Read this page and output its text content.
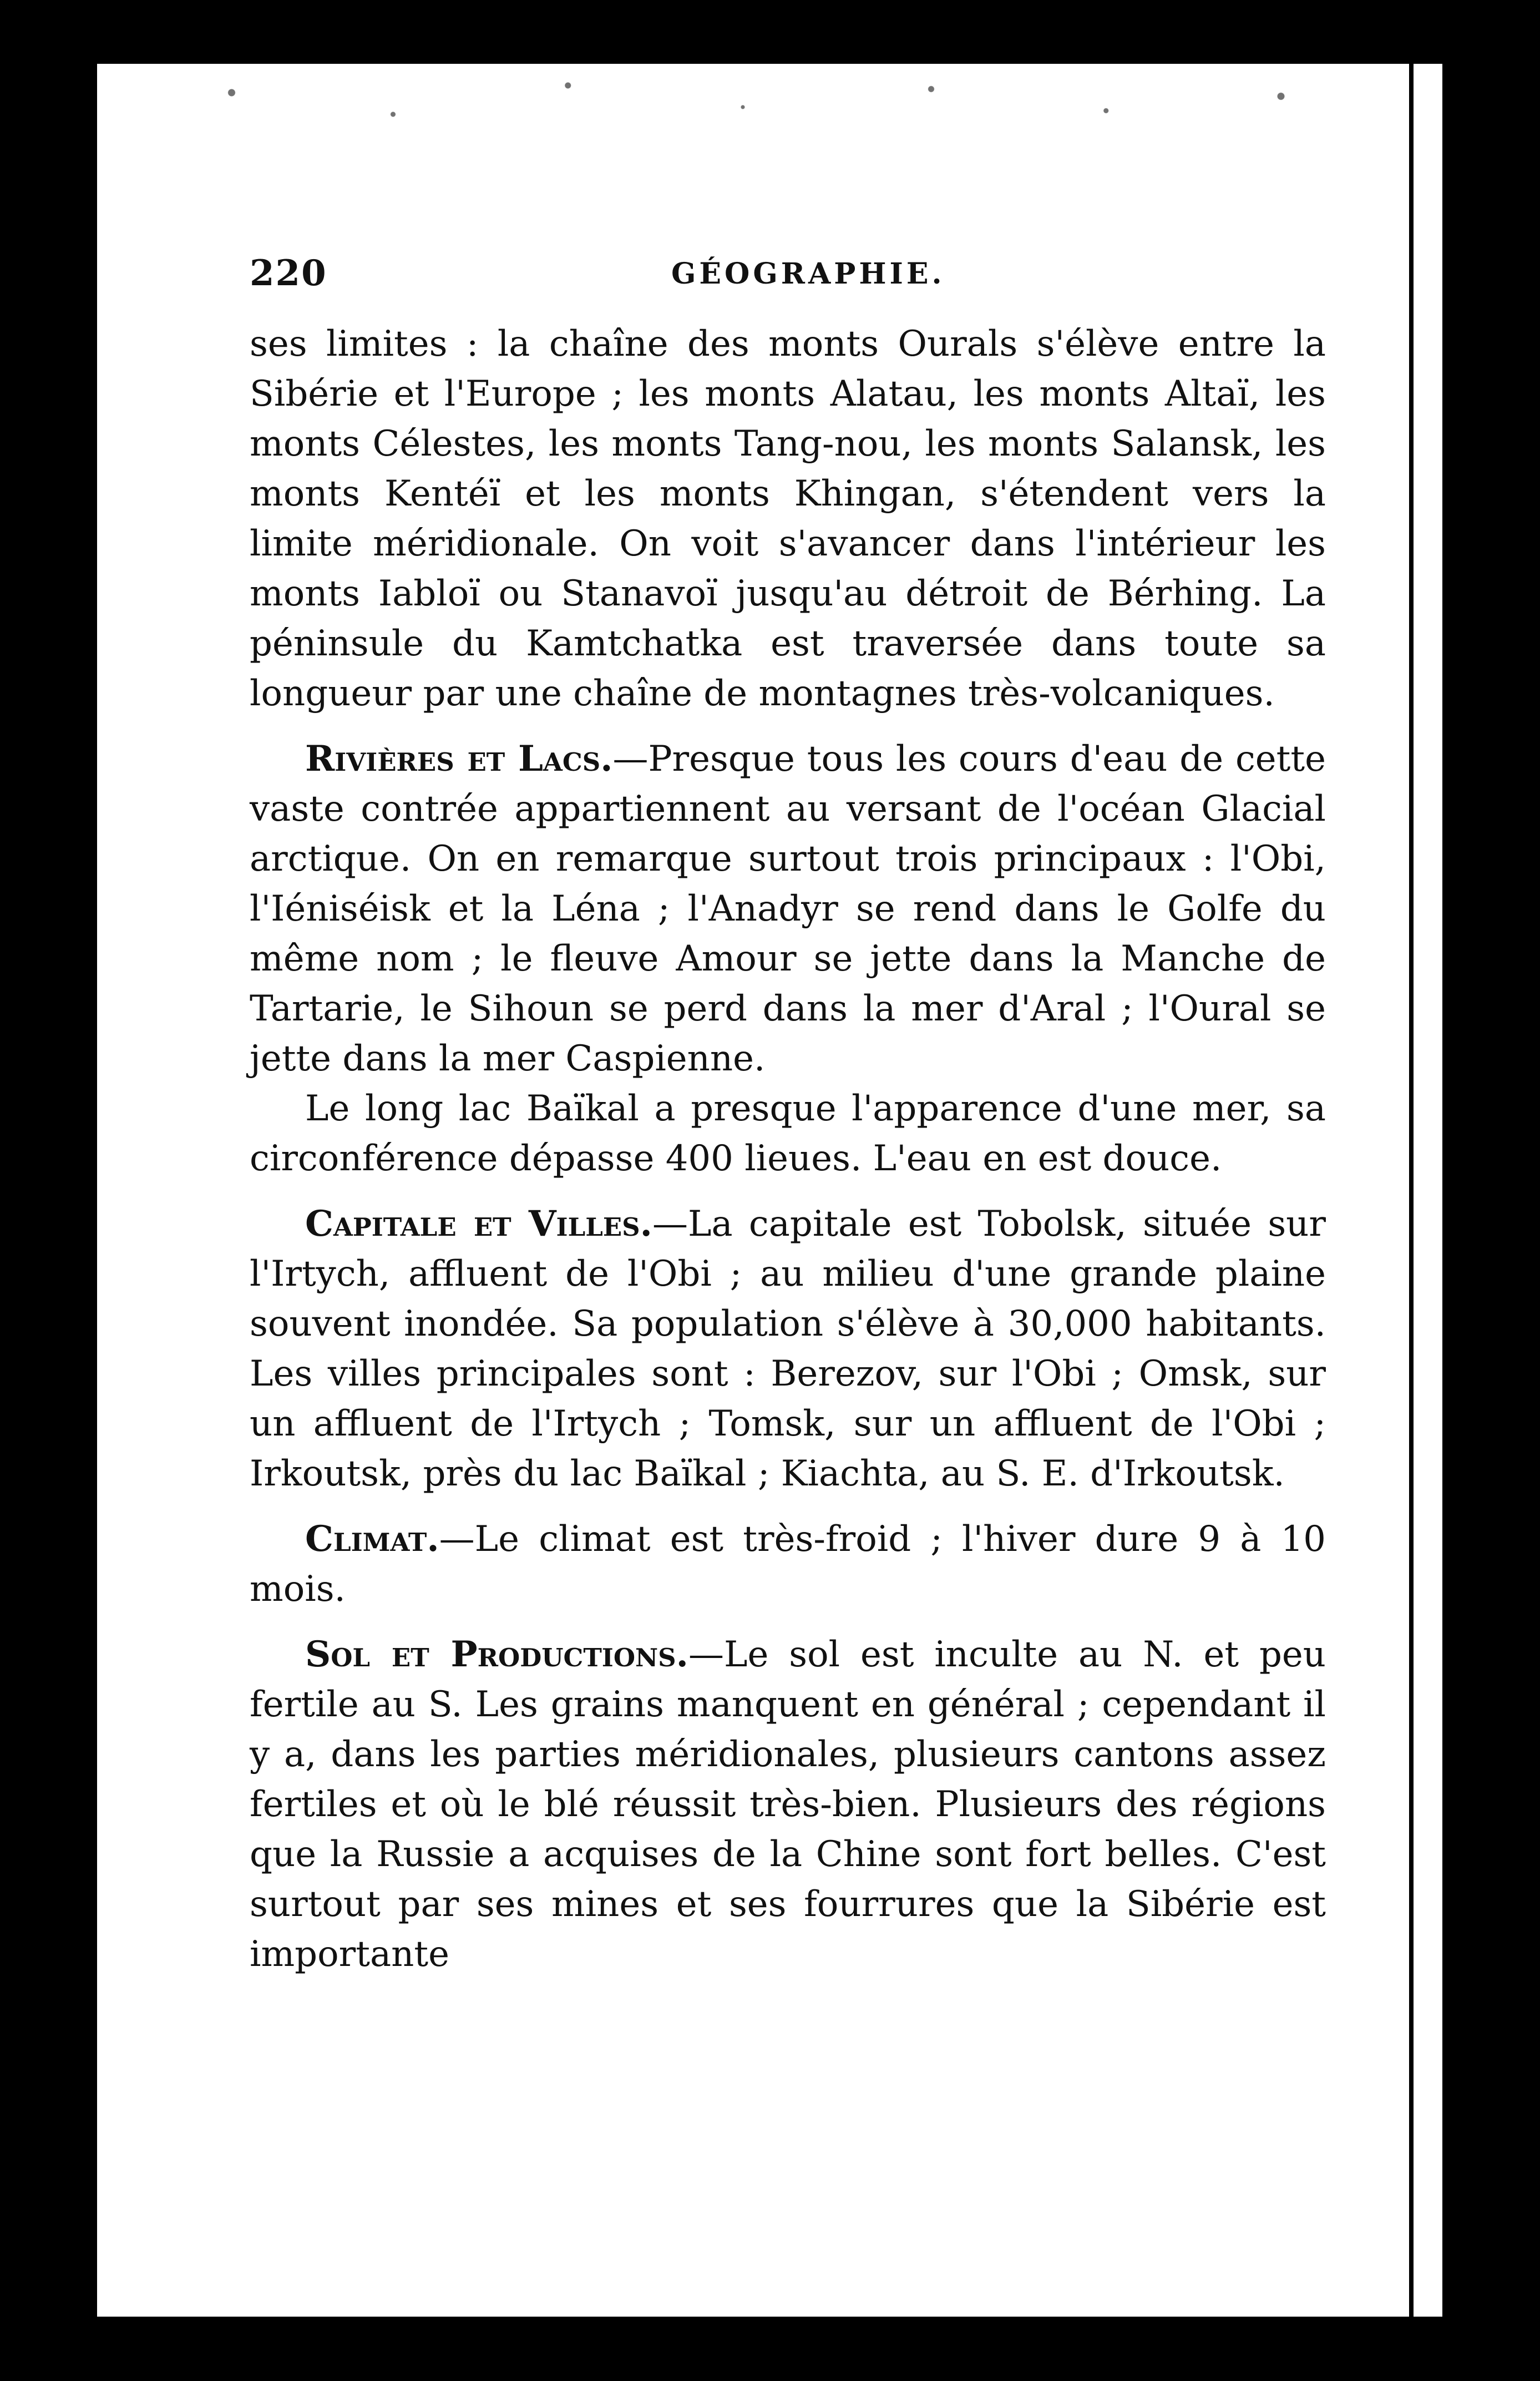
220	GÉOGRAPHIE.

ses limites : la chaîne des monts Ourals s'élève entre la Sibérie et l'Europe ; les monts Alatau, les monts Altaï, les monts Célestes, les monts Tang-nou, les monts Salansk, les monts Kentéï et les monts Khingan, s'étendent vers la limite méridionale. On voit s'avancer dans l'intérieur les monts Iabloï ou Stanavoï jusqu'au détroit de Bérhing. La péninsule du Kamtchatka est traversée dans toute sa longueur par une chaîne de montagnes très-volcaniques.

Rivières et Lacs.—Presque tous les cours d'eau de cette vaste contrée appartiennent au versant de l'océan Glacial arctique. On en remarque surtout trois principaux : l'Obi, l'Iéniséisk et la Léna ; l'Anadyr se rend dans le Golfe du même nom ; le fleuve Amour se jette dans la Manche de Tartarie, le Sihoun se perd dans la mer d'Aral ; l'Oural se jette dans la mer Caspienne.

Le long lac Baïkal a presque l'apparence d'une mer, sa circonférence dépasse 400 lieues. L'eau en est douce.

Capitale et Villes.—La capitale est Tobolsk, située sur l'Irtych, affluent de l'Obi ; au milieu d'une grande plaine souvent inondée. Sa population s'élève à 30,000 habitants. Les villes principales sont : Berezov, sur l'Obi ; Omsk, sur un affluent de l'Irtych ; Tomsk, sur un affluent de l'Obi ; Irkoutsk, près du lac Baïkal ; Kiachta, au S. E. d'Irkoutsk.

Climat.—Le climat est très-froid ; l'hiver dure 9 à 10 mois.

Sol et Productions.—Le sol est inculte au N. et peu fertile au S. Les grains manquent en général ; cependant il y a, dans les parties méridionales, plusieurs cantons assez fertiles et où le blé réussit très-bien. Plusieurs des régions que la Russie a acquises de la Chine sont fort belles. C'est surtout par ses mines et ses fourrures que la Sibérie est importante
